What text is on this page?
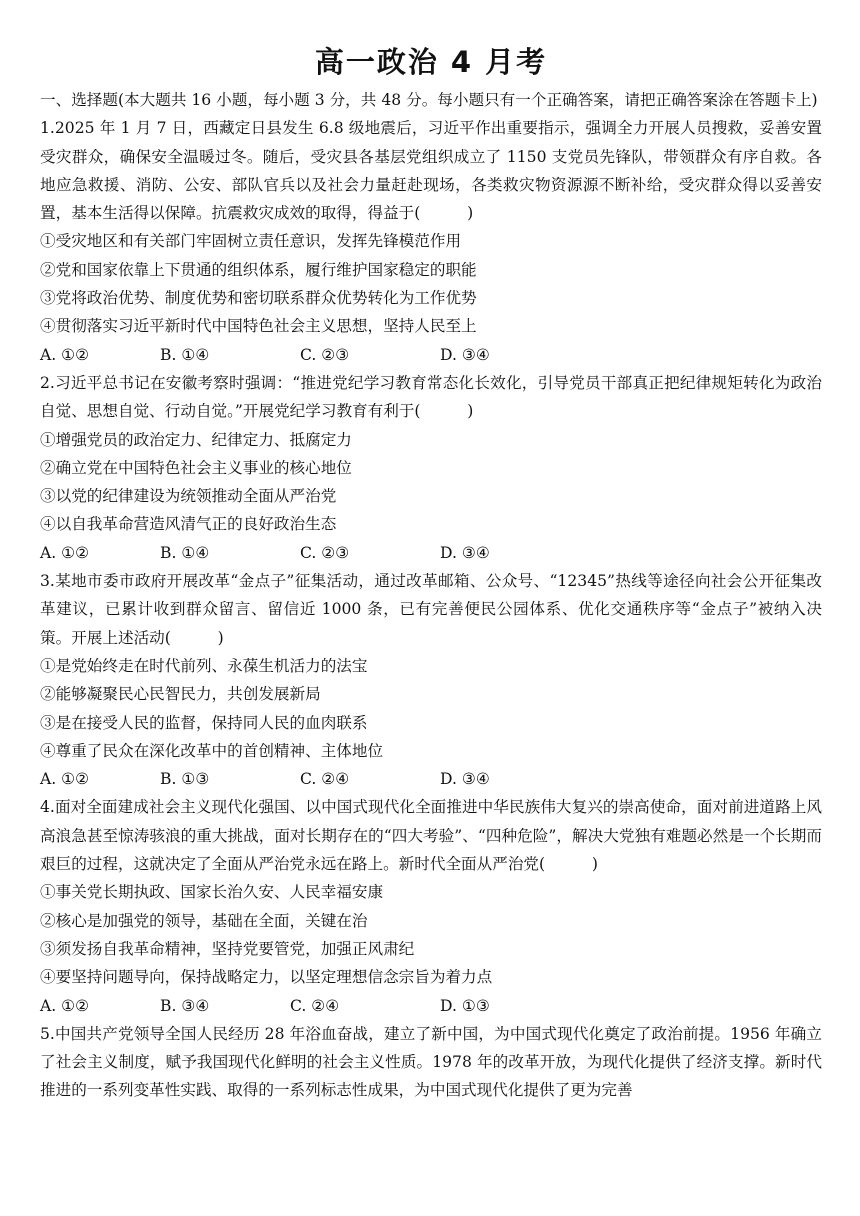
高一政治 4 月考

一、选择题(本大题共 16 小题，每小题 3 分，共 48 分。每小题只有一个正确答案，请把正确答案涂在答题卡上)

1.2025 年 1 月 7 日，西藏定日县发生 6.8 级地震后，习近平作出重要指示，强调全力开展人员搜救，妥善安置受灾群众，确保安全温暖过冬。随后，受灾县各基层党组织成立了 1150 支党员先锋队，带领群众有序自救。各地应急救援、消防、公安、部队官兵以及社会力量赶赴现场，各类救灾物资源源不断补给，受灾群众得以妥善安置，基本生活得以保障。抗震救灾成效的取得，得益于(　　　)

①受灾地区和有关部门牢固树立责任意识，发挥先锋模范作用

②党和国家依靠上下贯通的组织体系，履行维护国家稳定的职能

③党将政治优势、制度优势和密切联系群众优势转化为工作优势

④贯彻落实习近平新时代中国特色社会主义思想，坚持人民至上

A. ①②	B. ①④	C. ②③	D. ③④

2.习近平总书记在安徽考察时强调：“推进党纪学习教育常态化长效化，引导党员干部真正把纪律规矩转化为政治自觉、思想自觉、行动自觉。”开展党纪学习教育有利于(　　　)

①增强党员的政治定力、纪律定力、抵腐定力

②确立党在中国特色社会主义事业的核心地位

③以党的纪律建设为统领推动全面从严治党

④以自我革命营造风清气正的良好政治生态

A. ①②	B. ①④	C. ②③	D. ③④

3.某地市委市政府开展改革“金点子”征集活动，通过改革邮箱、公众号、“12345”热线等途径向社会公开征集改革建议，已累计收到群众留言、留信近 1000 条，已有完善便民公园体系、优化交通秩序等“金点子”被纳入决策。开展上述活动(　　　)

①是党始终走在时代前列、永葆生机活力的法宝

②能够凝聚民心民智民力，共创发展新局

③是在接受人民的监督，保持同人民的血肉联系

④尊重了民众在深化改革中的首创精神、主体地位

A. ①②	B. ①③	C. ②④	D. ③④

4.面对全面建成社会主义现代化强国、以中国式现代化全面推进中华民族伟大复兴的崇高使命，面对前进道路上风高浪急甚至惊涛骇浪的重大挑战，面对长期存在的“四大考验”、“四种危险”，解决大党独有难题必然是一个长期而艰巨的过程，这就决定了全面从严治党永远在路上。新时代全面从严治党(　　　)

①事关党长期执政、国家长治久安、人民幸福安康

②核心是加强党的领导，基础在全面，关键在治

③须发扬自我革命精神，坚持党要管党，加强正风肃纪

④要坚持问题导向，保持战略定力，以坚定理想信念宗旨为着力点

A. ①②	B. ③④	C. ②④	D. ①③

5.中国共产党领导全国人民经历 28 年浴血奋战，建立了新中国，为中国式现代化奠定了政治前提。1956 年确立了社会主义制度，赋予我国现代化鲜明的社会主义性质。1978 年的改革开放，为现代化提供了经济支撑。新时代推进的一系列变革性实践、取得的一系列标志性成果，为中国式现代化提供了更为完善
